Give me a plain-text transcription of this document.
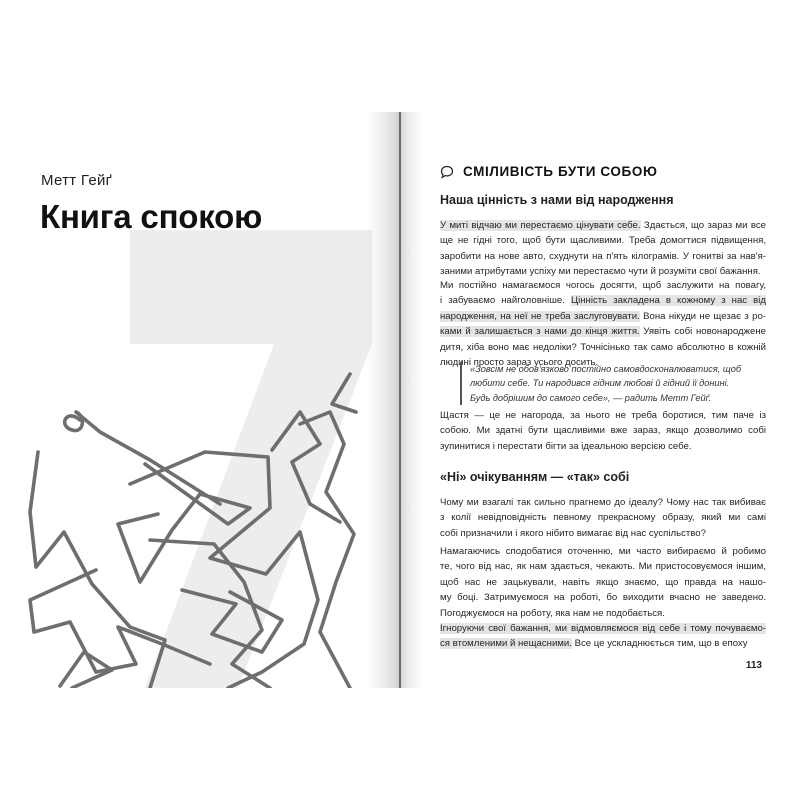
Метт Гейґ
Книга спокою
СМІЛИВІСТЬ БУТИ СОБОЮ
Наша цінність з нами від народження
У миті відчаю ми перестаємо цінувати себе. Здається, що зараз ми все
ще не гідні того, щоб бути щасливими. Треба домогтися підвищення,
заробити на нове авто, схуднути на п'ять кілограмів. У гонитві за нав'я-
заними атрибутами успіху ми перестаємо чути й розуміти свої бажання.
Ми постійно намагаємося чогось досягти, щоб заслужити на повагу,
і забуваємо найголовніше. Цінність закладена в кожному з нас від
народження, на неї не треба заслуговувати. Вона нікуди не щезає з ро-
ками й залишається з нами до кінця життя. Уявіть собі новонароджене
дитя, хіба воно має недоліки? Точнісінько так само абсолютно в кожній
людині просто зараз усього досить.
«Зовсім не обов'язково постійно самовдосконалюватися, щоб
любити себе. Ти народився гідним любові й гідний її донині.
Будь добрішим до самого себе», — радить Метт Гейґ.
Щастя — це не нагорода, за нього не треба боротися, тим паче із
собою. Ми здатні бути щасливими вже зараз, якщо дозволимо собі
зупинитися і перестати бігти за ідеальною версією себе.
«Ні» очікуванням — «так» собі
Чому ми взагалі так сильно прагнемо до ідеалу? Чому нас так вибиває
з колії невідповідність певному прекрасному образу, який ми самі
собі призначили і якого нібито вимагає від нас суспільство?
Намагаючись сподобатися оточенню, ми часто вибираємо й робимо
те, чого від нас, як нам здається, чекають. Ми пристосовуємося іншим,
щоб нас не зацькували, навіть якщо знаємо, що правда на нашо-
му боці. Затримуємося на роботі, бо виходити вчасно не заведено.
Погоджуємося на роботу, яка нам не подобається.
Ігноруючи свої бажання, ми відмовляємося від себе і тому почуваємо-
ся втомленими й нещасними. Все це ускладнюється тим, що в епоху
113
